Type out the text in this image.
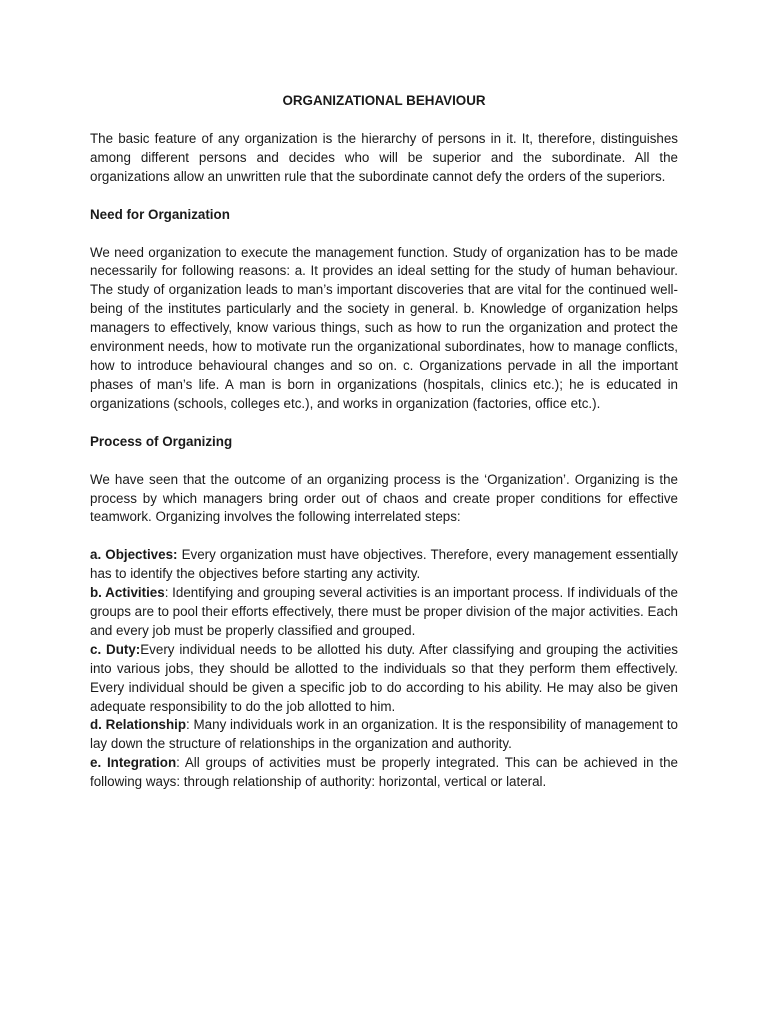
ORGANIZATIONAL BEHAVIOUR

The basic feature of any organization is the hierarchy of persons in it. It, therefore, distinguishes among different persons and decides who will be superior and the subordinate. All the organizations allow an unwritten rule that the subordinate cannot defy the orders of the superiors.

Need for Organization

We need organization to execute the management function. Study of organization has to be made necessarily for following reasons: a. It provides an ideal setting for the study of human behaviour. The study of organization leads to man’s important discoveries that are vital for the continued well-being of the institutes particularly and the society in general. b. Knowledge of organization helps managers to effectively, know various things, such as how to run the organization and protect the environment needs, how to motivate run the organizational subordinates, how to manage conflicts, how to introduce behavioural changes and so on. c. Organizations pervade in all the important phases of man’s life. A man is born in organizations (hospitals, clinics etc.); he is educated in organizations (schools, colleges etc.), and works in organization (factories, office etc.).

Process of Organizing

We have seen that the outcome of an organizing process is the ‘Organization’. Organizing is the process by which managers bring order out of chaos and create proper conditions for effective teamwork. Organizing involves the following interrelated steps:

a. Objectives: Every organization must have objectives. Therefore, every management essentially has to identify the objectives before starting any activity.

b. Activities: Identifying and grouping several activities is an important process. If individuals of the groups are to pool their efforts effectively, there must be proper division of the major activities. Each and every job must be properly classified and grouped.

c. Duty:Every individual needs to be allotted his duty. After classifying and grouping the activities into various jobs, they should be allotted to the individuals so that they perform them effectively. Every individual should be given a specific job to do according to his ability. He may also be given adequate responsibility to do the job allotted to him.

d. Relationship: Many individuals work in an organization. It is the responsibility of management to lay down the structure of relationships in the organization and authority.

e. Integration: All groups of activities must be properly integrated. This can be achieved in the following ways: through relationship of authority: horizontal, vertical or lateral.
